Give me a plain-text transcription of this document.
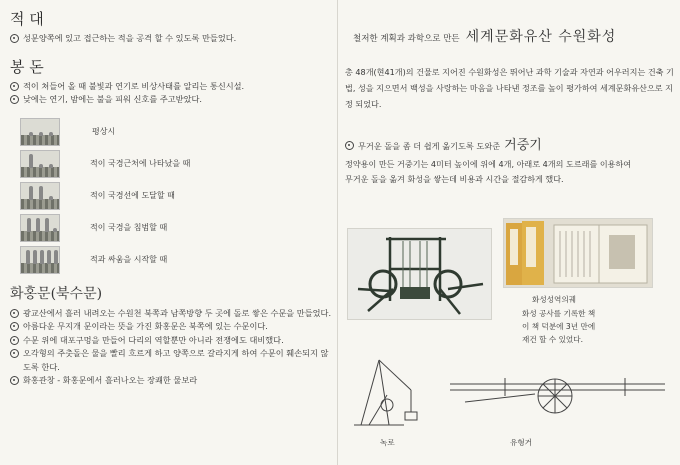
적 대
성문양쪽에 있고 접근하는 적을 공격 할 수 있도록 만들었다.
봉 돈
적이 쳐들어 올 때 불빛과 연기로 비상사태를 알리는 통신시설.
낮에는 연기, 밤에는 불을 피워 신호를 주고받았다.
평상시
적이 국경근처에 나타났을 때
적이 국경선에 도달할 때
적이 국경을 침범할 때
적과 싸움을 시작할 때
화홍문(북수문)
광교산에서 흘러 내려오는 수원천 북쪽과 남쪽방향 두 곳에 돌로 쌓은 수문을 만들었다.
아름다운 무지개 문이라는 뜻을 가진 화홍문은 북쪽에 있는 수문이다.
수문 위에 대포구멍을 만들어 다리의 역할뿐만 아니라 전쟁에도 대비했다.
오각형의 주춧돌은 물을 빨리 흐르게 하고 양쪽으로 갈라지게 하여 수문이 훼손되지 않도록 한다.
화홍관창 - 화홍문에서 흘러나오는 장쾌한 물보라
철저한 계획과 과학으로 만든 세계문화유산 수원화성
총 48개(현41개)의 건물로 지어진 수원화성은 뛰어난 과학 기술과 자연과 어우러지는 건축 기법, 성을 지으면서 백성을 사랑하는 마음을 나타낸 정조를 높이 평가하여 세계문화유산으로 지정 되었다.
무거운 돌을 좀 더 쉽게 옮기도록 도와준 거중기
정약용이 만든 거중기는 4미터 높이에 위에 4개, 아래로 4개의 도르래를 이용하여
무거운 돌을 옮겨 화성을 쌓는데 비용과 시간을 절감하게 했다.
화성성역의궤
화성 공사를 기록한 책
이 책 덕분에 3년 만에
재건 할 수 있었다.
녹로	유형거
